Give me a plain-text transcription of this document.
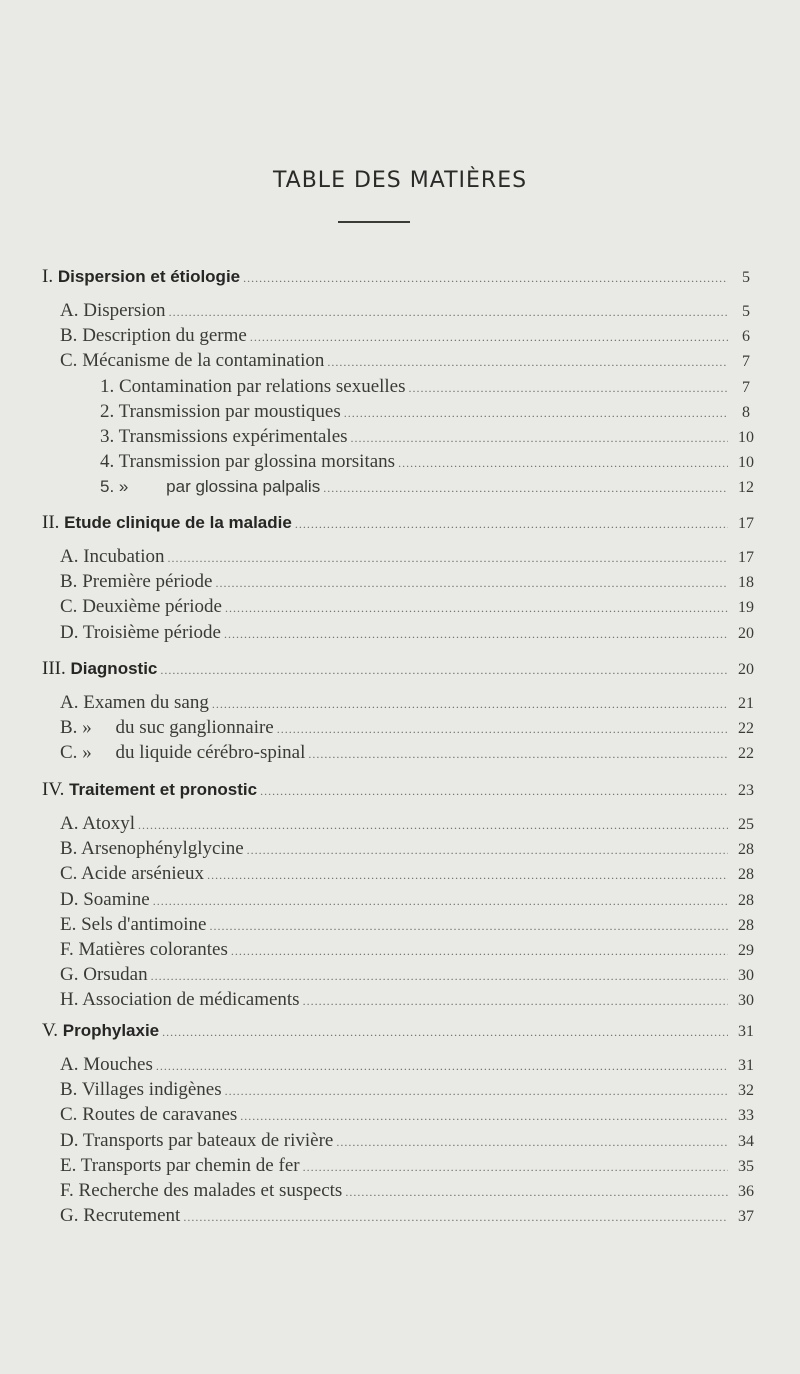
TABLE DES MATIÈRES
I. Dispersion et étiologie .....	5
A. Dispersion .....	5
B. Description du germe .....	6
C. Mécanisme de la contamination .....	7
1. Contamination par relations sexuelles .....	7
2. Transmission par moustiques .....	8
3. Transmissions expérimentales .....	10
4. Transmission par glossina morsitans .....	10
5. »        par glossina palpalis .....	12
II. Etude clinique de la maladie .....	17
A. Incubation .....	17
B. Première période .....	18
C. Deuxième période .....	19
D. Troisième période .....	20
III. Diagnostic .....	20
A. Examen du sang .....	21
B. »     du suc ganglionnaire .....	22
C. »     du liquide cérébro-spinal .....	22
IV. Traitement et pronostic .....	23
A. Atoxyl .....	25
B. Arsenophénylglycine .....	28
C. Acide arsénieux .....	28
D. Soamine .....	28
E. Sels d'antimoine .....	28
F. Matières colorantes .....	29
G. Orsudan .....	30
H. Association de médicaments .....	30
V. Prophylaxie .....	31
A. Mouches .....	31
B. Villages indigènes .....	32
C. Routes de caravanes .....	33
D. Transports par bateaux de rivière .....	34
E. Transports par chemin de fer .....	35
F. Recherche des malades et suspects .....	36
G. Recrutement .....	37
